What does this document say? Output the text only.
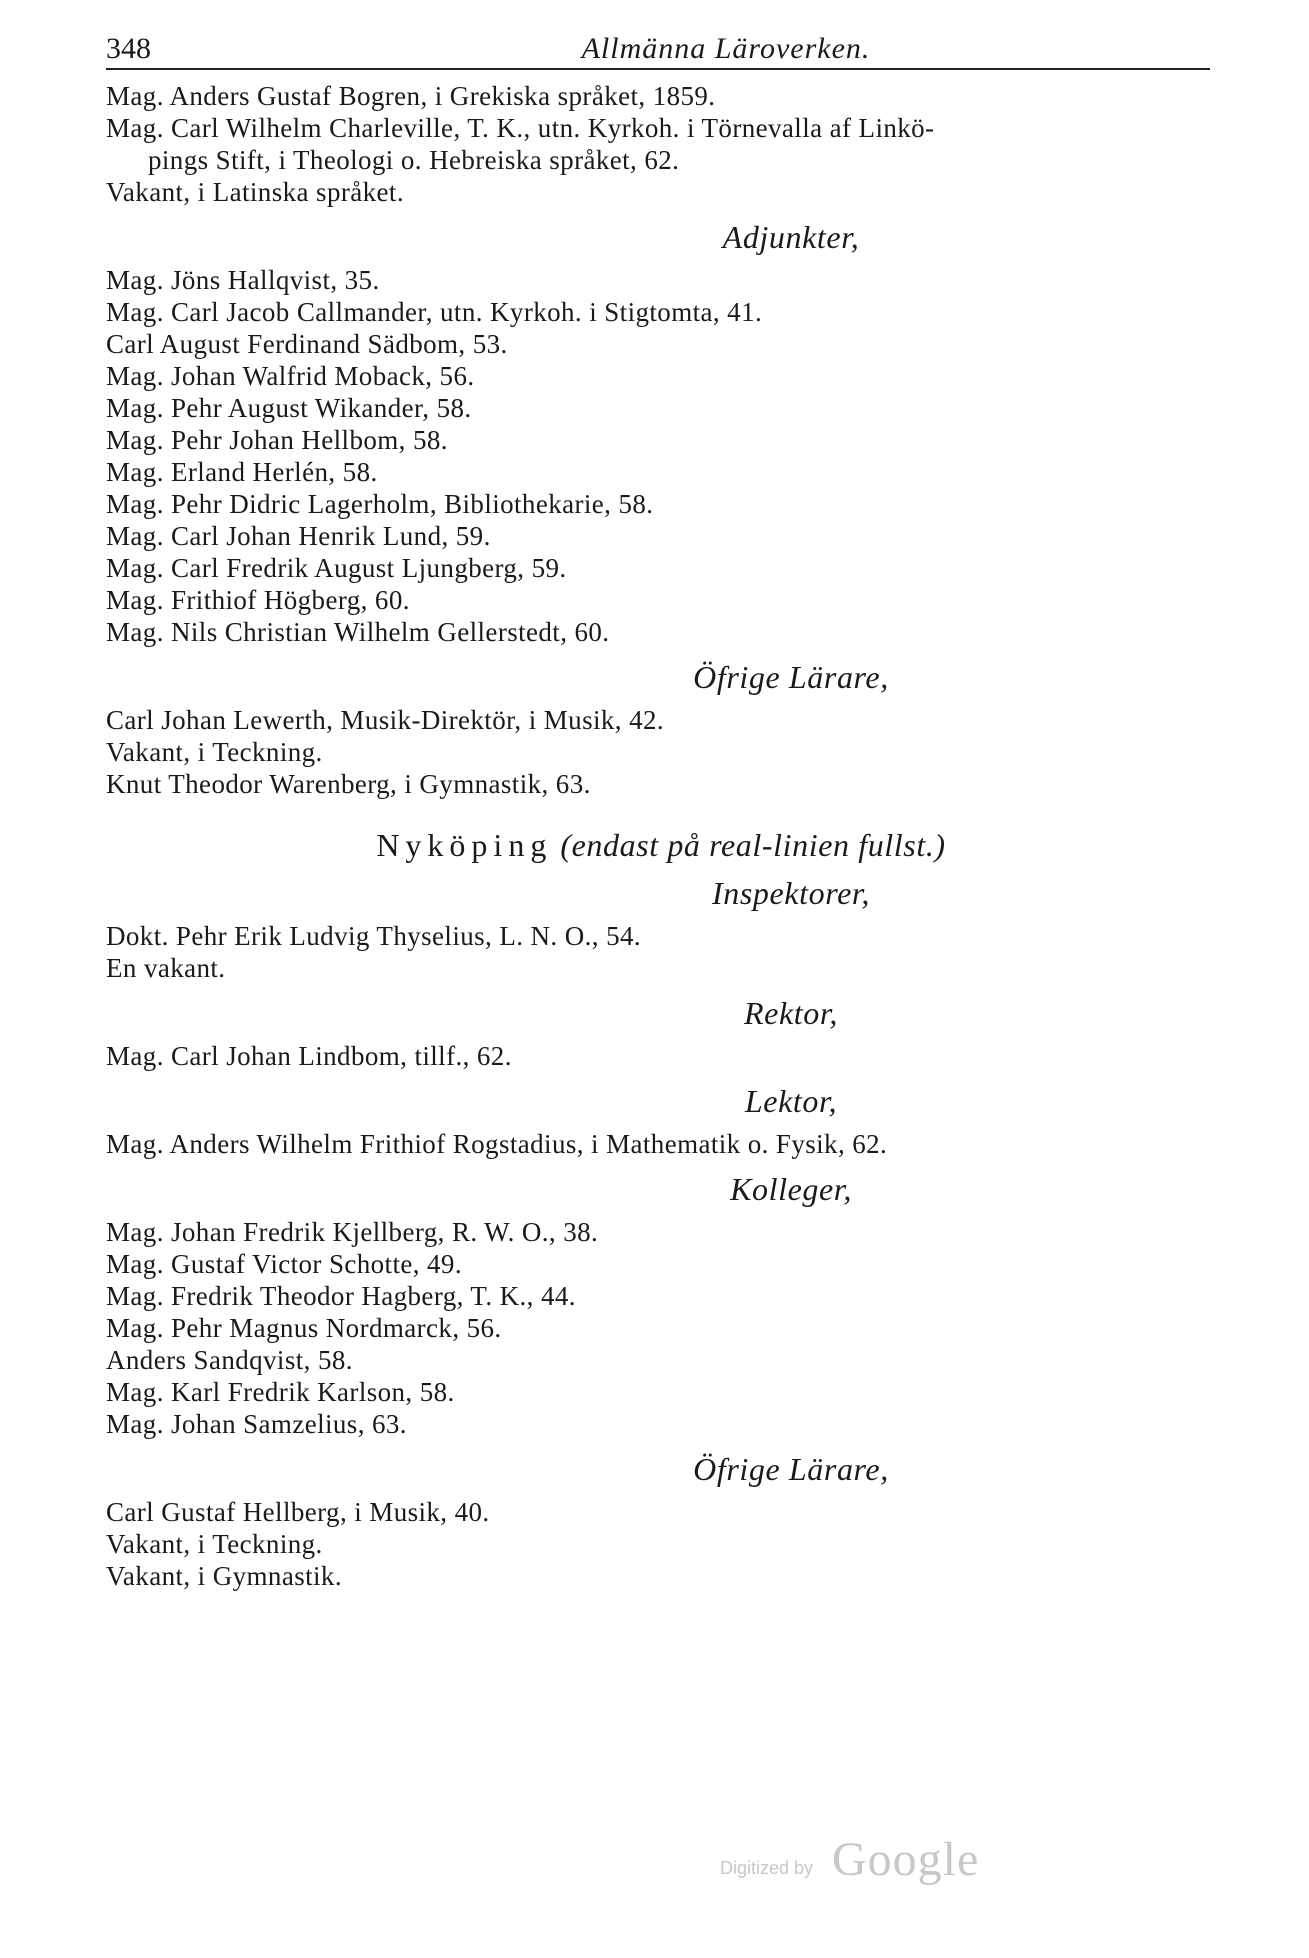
348	Allmänna Läroverken.
Mag. Anders Gustaf Bogren, i Grekiska språket, 1859.
Mag. Carl Wilhelm Charleville, T. K., utn. Kyrkoh. i Törnevalla af Linkö-
pings Stift, i Theologi o. Hebreiska språket, 62.
Vakant, i Latinska språket.
Adjunkter,
Mag. Jöns Hallqvist, 35.
Mag. Carl Jacob Callmander, utn. Kyrkoh. i Stigtomta, 41.
Carl August Ferdinand Sädbom, 53.
Mag. Johan Walfrid Moback, 56.
Mag. Pehr August Wikander, 58.
Mag. Pehr Johan Hellbom, 58.
Mag. Erland Herlén, 58.
Mag. Pehr Didric Lagerholm, Bibliothekarie, 58.
Mag. Carl Johan Henrik Lund, 59.
Mag. Carl Fredrik August Ljungberg, 59.
Mag. Frithiof Högberg, 60.
Mag. Nils Christian Wilhelm Gellerstedt, 60.
Öfrige Lärare,
Carl Johan Lewerth, Musik-Direktör, i Musik, 42.
Vakant, i Teckning.
Knut Theodor Warenberg, i Gymnastik, 63.
Nyköping (endast på real-linien fullst.)
Inspektorer,
Dokt. Pehr Erik Ludvig Thyselius, L. N. O., 54.
En vakant.
Rektor,
Mag. Carl Johan Lindbom, tillf., 62.
Lektor,
Mag. Anders Wilhelm Frithiof Rogstadius, i Mathematik o. Fysik, 62.
Kolleger,
Mag. Johan Fredrik Kjellberg, R. W. O., 38.
Mag. Gustaf Victor Schotte, 49.
Mag. Fredrik Theodor Hagberg, T. K., 44.
Mag. Pehr Magnus Nordmarck, 56.
Anders Sandqvist, 58.
Mag. Karl Fredrik Karlson, 58.
Mag. Johan Samzelius, 63.
Öfrige Lärare,
Carl Gustaf Hellberg, i Musik, 40.
Vakant, i Teckning.
Vakant, i Gymnastik.
Digitized by Google
